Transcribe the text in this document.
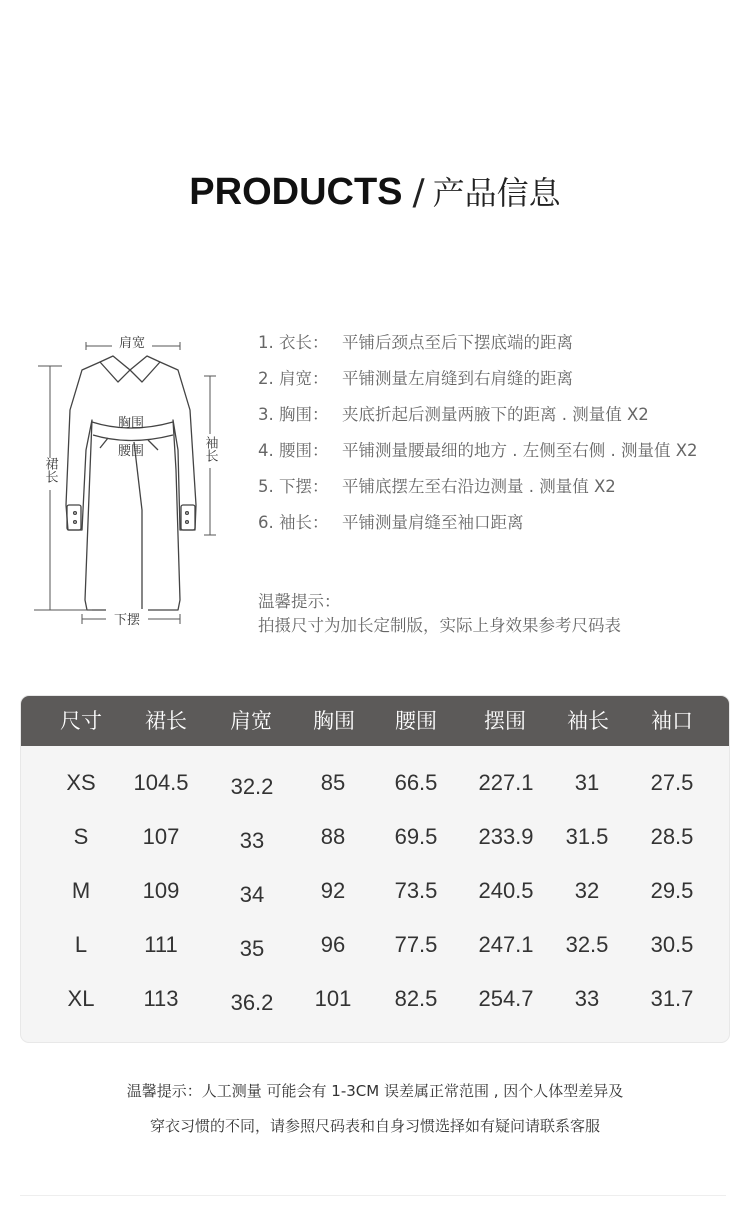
PRODUCTS / 产品信息
肩宽
胸围
腰围
下摆
裙长
袖长
1. 衣长： 平铺后颈点至后下摆底端的距离
2. 肩宽： 平铺测量左肩缝到右肩缝的距离
3. 胸围： 夹底折起后测量两腋下的距离 . 测量值 X2
4. 腰围： 平铺测量腰最细的地方 . 左侧至右侧 . 测量值 X2
5. 下摆： 平铺底摆左至右沿边测量 . 测量值 X2
6. 袖长： 平铺测量肩缝至袖口距离
温馨提示：
拍摄尺寸为加长定制版，实际上身效果参考尺码表
尺寸	裙长	肩宽	胸围	腰围	摆围	袖长	袖口
XS	104.5	32.2	85	66.5	227.1	31	27.5
S	107	33	88	69.5	233.9	31.5	28.5
M	109	34	92	73.5	240.5	32	29.5
L	111	35	96	77.5	247.1	32.5	30.5
XL	113	36.2	101	82.5	254.7	33	31.7
温馨提示：人工测量 可能会有 1-3CM 误差属正常范围 , 因个人体型差异及
穿衣习惯的不同，请参照尺码表和自身习惯选择如有疑问请联系客服
